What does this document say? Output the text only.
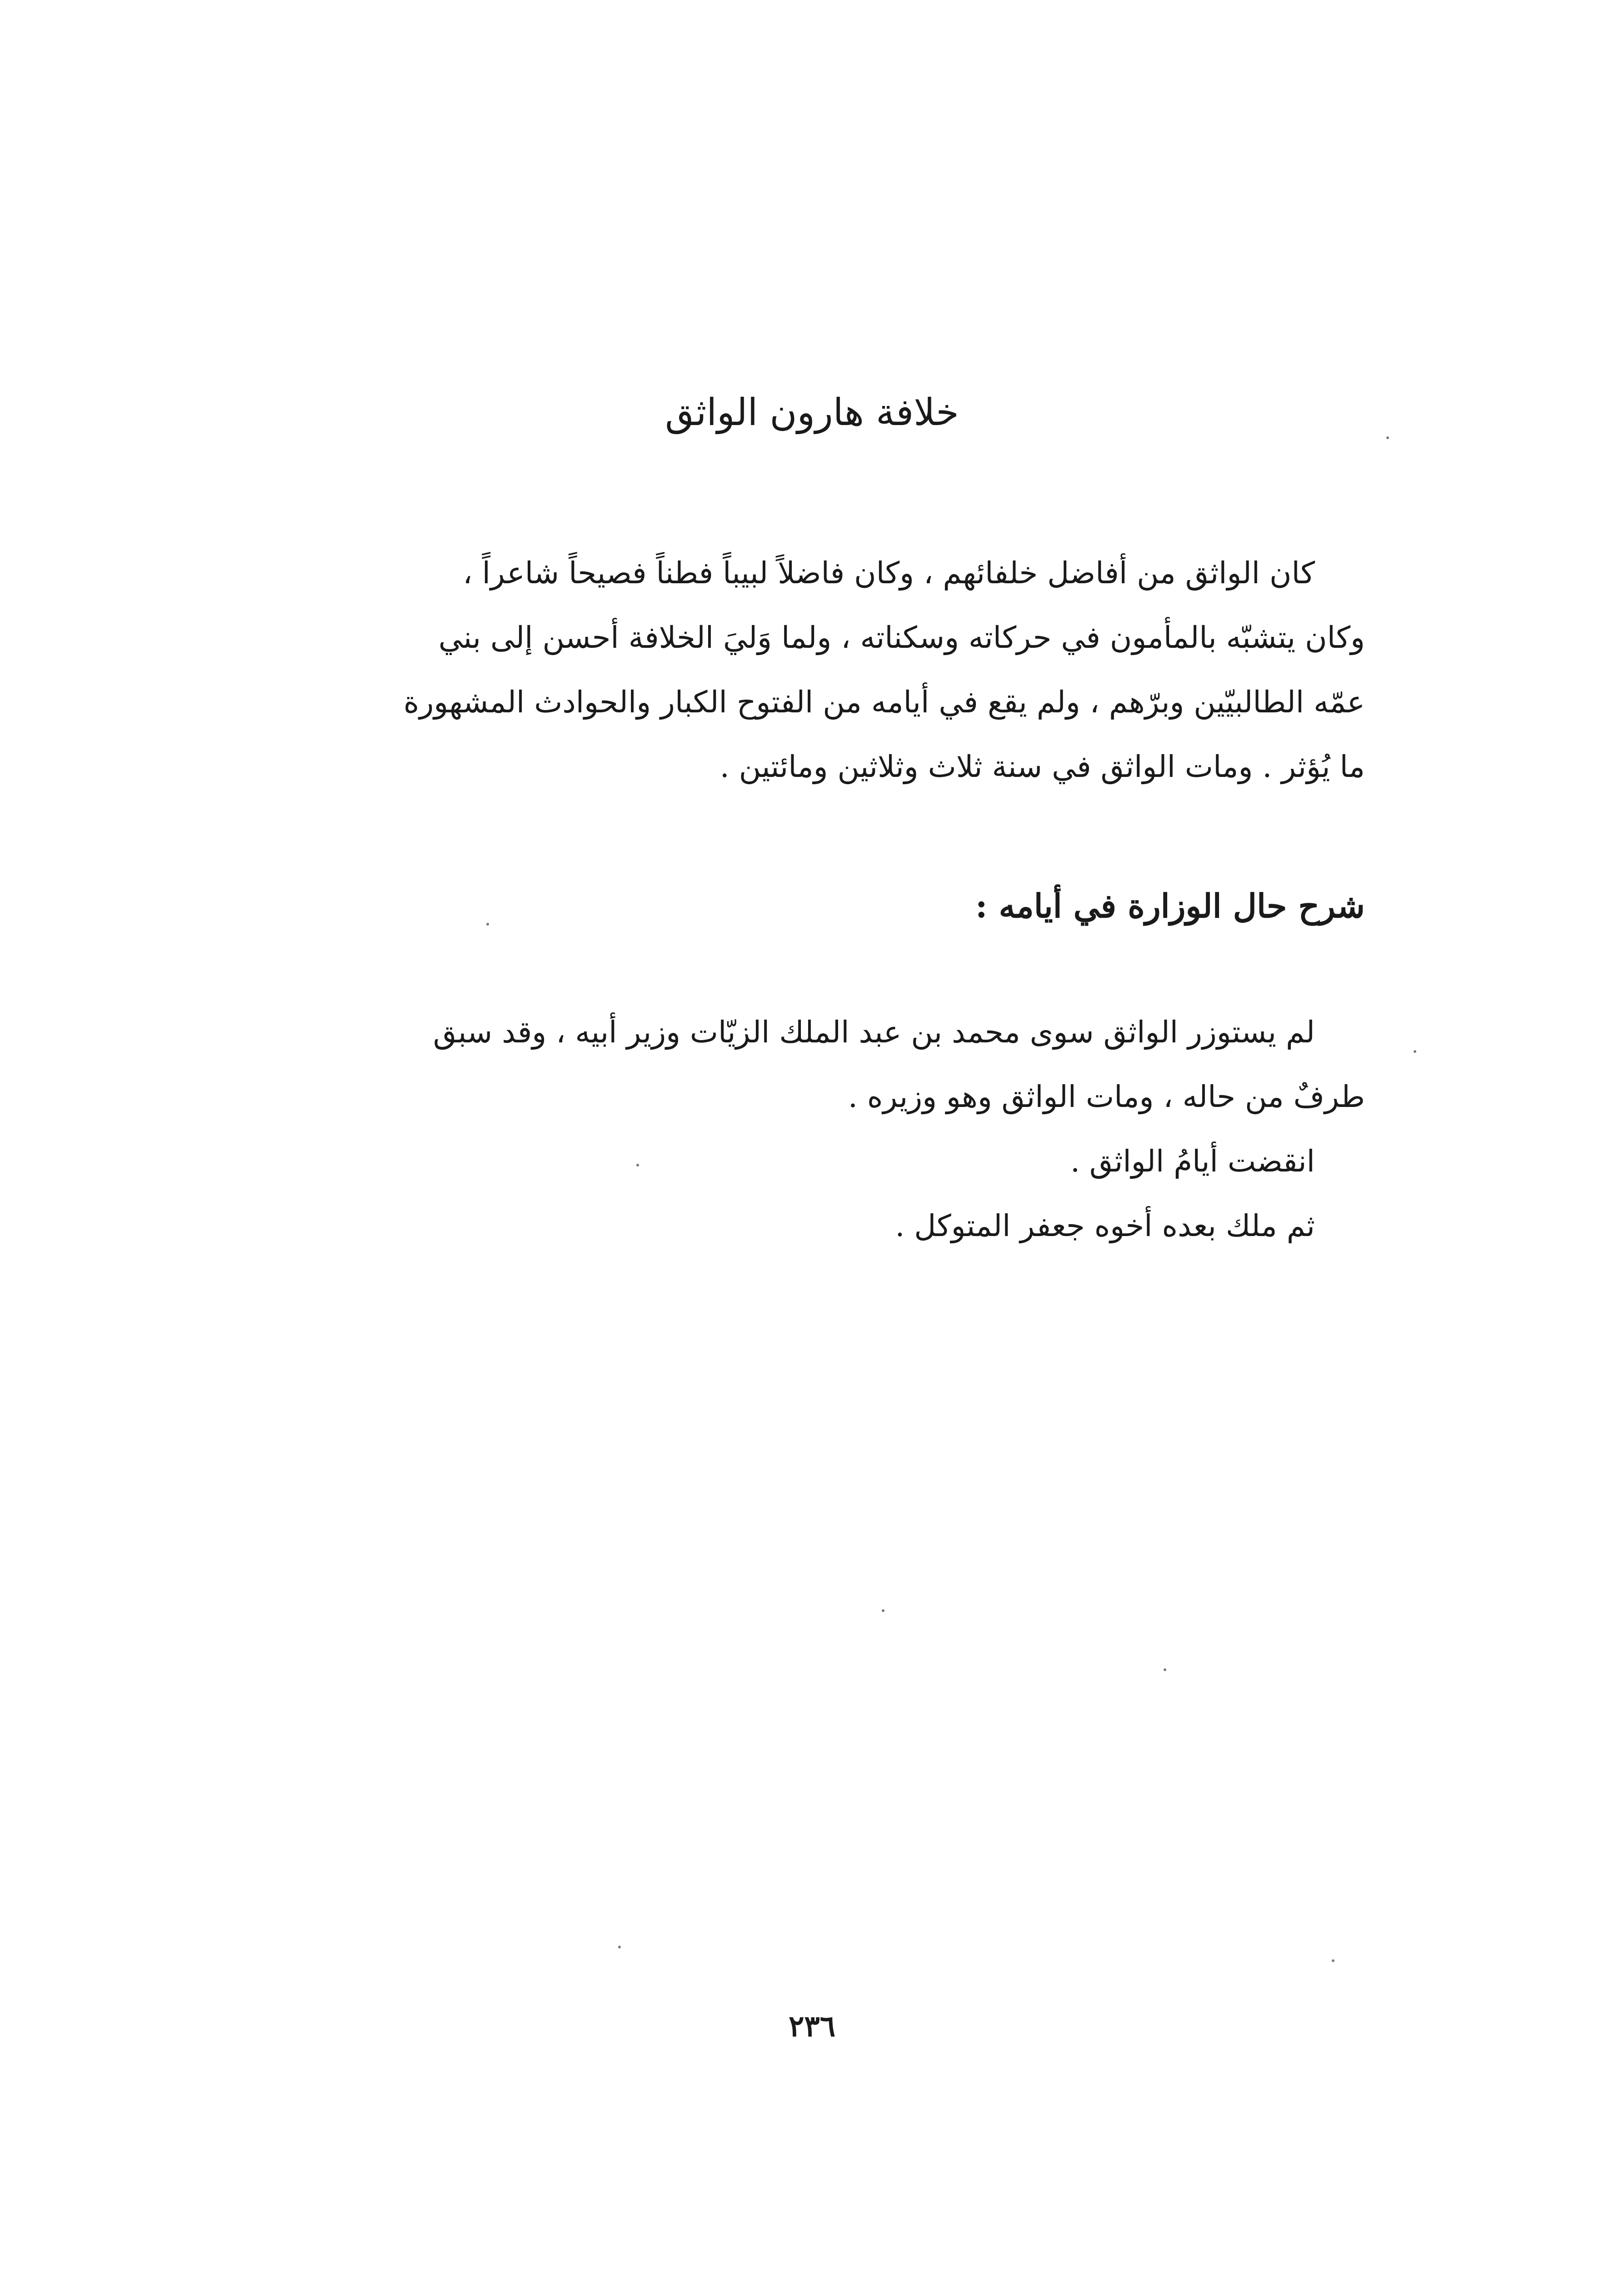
خلافة هارون الواثق
كان الواثق من أفاضل خلفائهم ، وكان فاضلاً لبيباً فطناً فصيحاً شاعراً ،
وكان يتشبّه بالمأمون في حركاته وسكناته ، ولما وَليَ الخلافة أحسن إلى بني
عمّه الطالبيّين وبرّهم ، ولم يقع في أيامه من الفتوح الكبار والحوادث المشهورة
ما يُؤثر . ومات الواثق في سنة ثلاث وثلاثين ومائتين .
شرح حال الوزارة في أيامه :
لم يستوزر الواثق سوى محمد بن عبد الملك الزيّات وزير أبيه ، وقد سبق
طرفٌ من حاله ، ومات الواثق وهو وزيره .
انقضت أيامُ الواثق .
ثم ملك بعده أخوه جعفر المتوكل .
٢٣٦
